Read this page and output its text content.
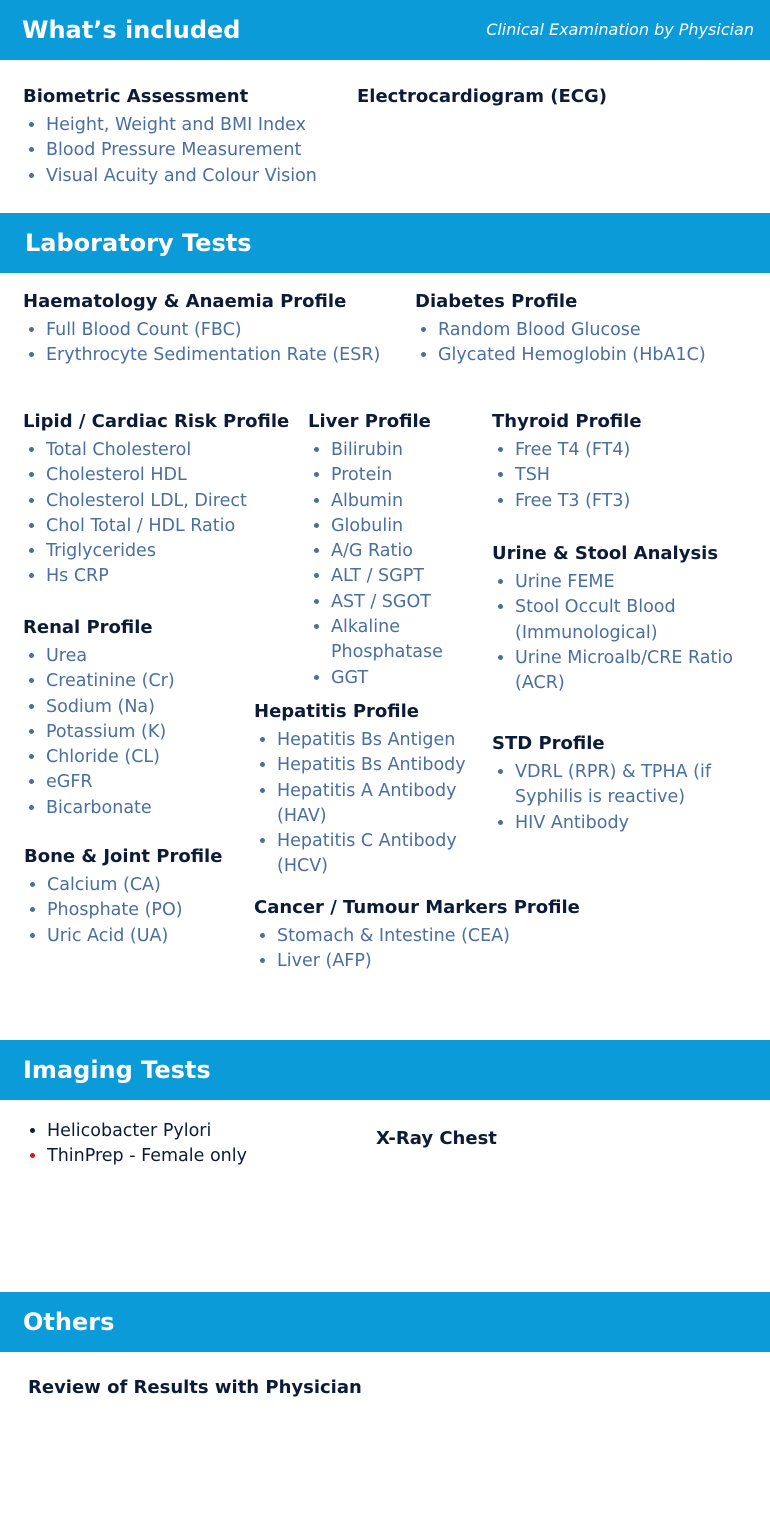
What’s included	Clinical Examination by Physician
Biometric Assessment
• Height, Weight and BMI Index
• Blood Pressure Measurement
• Visual Acuity and Colour Vision
Electrocardiogram (ECG)
Laboratory Tests
Haematology & Anaemia Profile
• Full Blood Count (FBC)
• Erythrocyte Sedimentation Rate (ESR)
Diabetes Profile
• Random Blood Glucose
• Glycated Hemoglobin (HbA1C)
Lipid / Cardiac Risk Profile
• Total Cholesterol
• Cholesterol HDL
• Cholesterol LDL, Direct
• Chol Total / HDL Ratio
• Triglycerides
• Hs CRP
Liver Profile
• Bilirubin
• Protein
• Albumin
• Globulin
• A/G Ratio
• ALT / SGPT
• AST / SGOT
• Alkaline Phosphatase
• GGT
Thyroid Profile
• Free T4 (FT4)
• TSH
• Free T3 (FT3)
Urine & Stool Analysis
• Urine FEME
• Stool Occult Blood (Immunological)
• Urine Microalb/CRE Ratio (ACR)
Renal Profile
• Urea
• Creatinine (Cr)
• Sodium (Na)
• Potassium (K)
• Chloride (CL)
• eGFR
• Bicarbonate
Hepatitis Profile
• Hepatitis Bs Antigen
• Hepatitis Bs Antibody
• Hepatitis A Antibody (HAV)
• Hepatitis C Antibody (HCV)
STD Profile
• VDRL (RPR) & TPHA (if Syphilis is reactive)
• HIV Antibody
Bone & Joint Profile
• Calcium (CA)
• Phosphate (PO)
• Uric Acid (UA)
Cancer / Tumour Markers Profile
• Stomach & Intestine (CEA)
• Liver (AFP)
Imaging Tests
• Helicobacter Pylori
• ThinPrep - Female only
X-Ray Chest
Others
Review of Results with Physician
